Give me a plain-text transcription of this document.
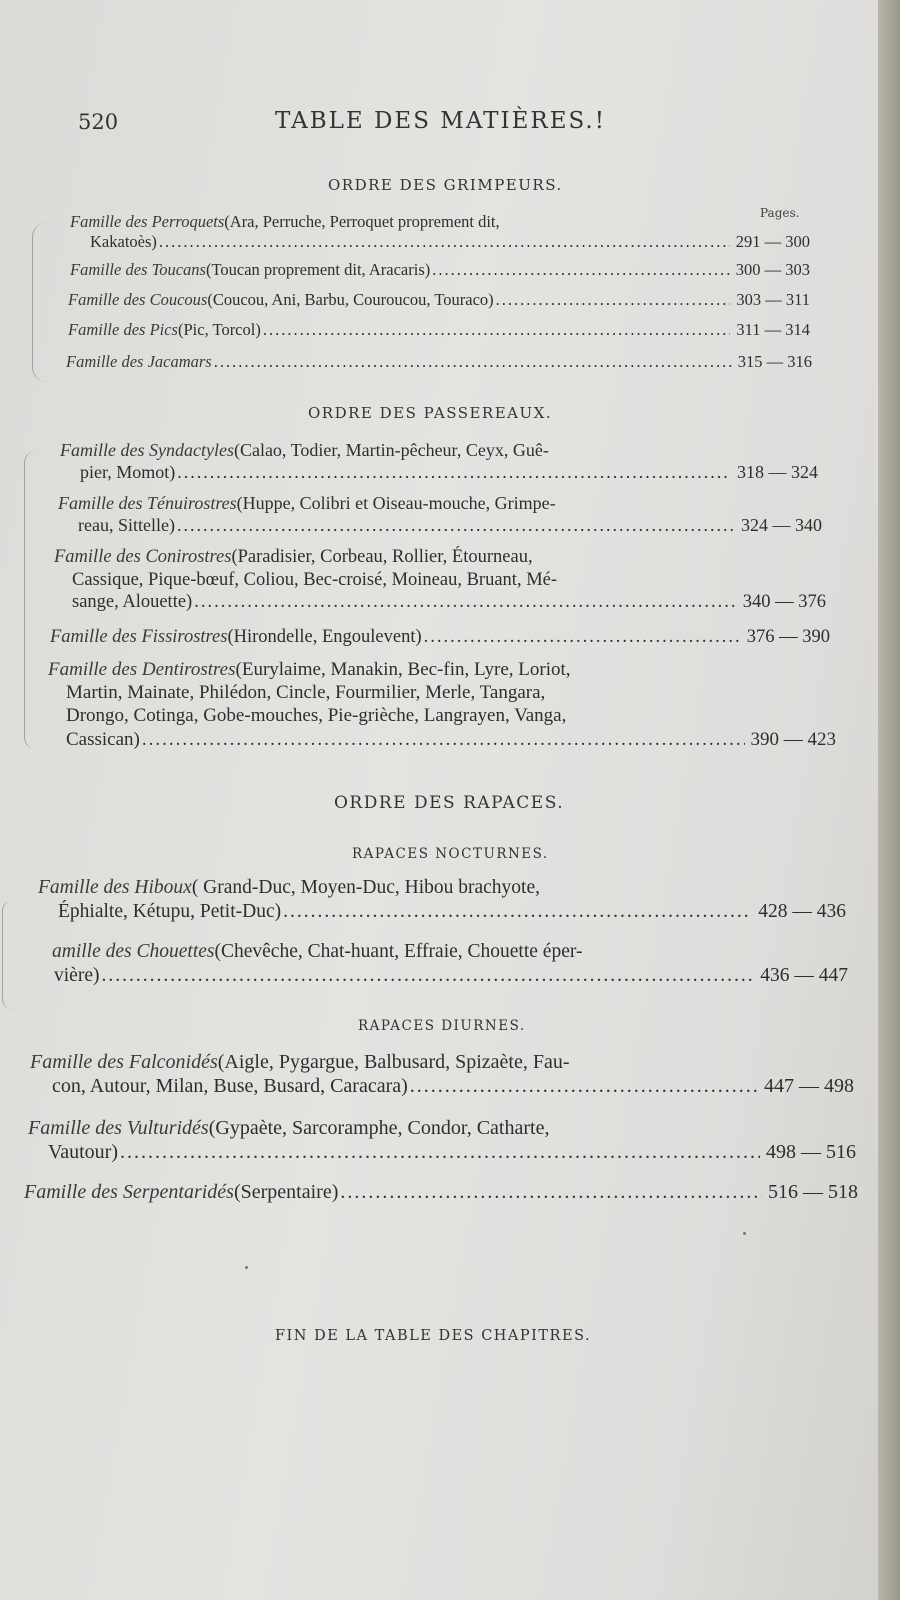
520	TABLE DES MATIÈRES.!
ORDRE DES GRIMPEURS.
Pages.
Famille des Perroquets (Ara, Perruche, Perroquet proprement dit,
Kakatoès) .....	291 — 300
Famille des Toucans (Toucan proprement dit, Aracaris) .....	300 — 303
Famille des Coucous (Coucou, Ani, Barbu, Couroucou, Touraco) .....	303 — 311
Famille des Pics (Pic, Torcol) .....	311 — 314
Famille des Jacamars .....	315 — 316
ORDRE DES PASSEREAUX.
Famille des Syndactyles (Calao, Todier, Martin-pêcheur, Ceyx, Guê-
pier, Momot) .....	318 — 324
Famille des Ténuirostres (Huppe, Colibri et Oiseau-mouche, Grimpe-
reau, Sittelle) .....	324 — 340
Famille des Conirostres (Paradisier, Corbeau, Rollier, Étourneau,
Cassique, Pique-bœuf, Coliou, Bec-croisé, Moineau, Bruant, Mé-
sange, Alouette) .....	340 — 376
Famille des Fissirostres (Hirondelle, Engoulevent) .....	376 — 390
Famille des Dentirostres (Eurylaime, Manakin, Bec-fin, Lyre, Loriot,
Martin, Mainate, Philédon, Cincle, Fourmilier, Merle, Tangara,
Drongo, Cotinga, Gobe-mouches, Pie-grièche, Langrayen, Vanga,
Cassican) .....	390 — 423
ORDRE DES RAPACES.
RAPACES NOCTURNES.
Famille des Hiboux ( Grand-Duc, Moyen-Duc, Hibou brachyote,
Éphialte, Kétupu, Petit-Duc) .....	428 — 436
amille des Chouettes (Chevêche, Chat-huant, Effraie, Chouette éper-
vière) .....	436 — 447
RAPACES DIURNES.
Famille des Falconidés (Aigle, Pygargue, Balbusard, Spizaète, Fau-
con, Autour, Milan, Buse, Busard, Caracara) .....	447 — 498
Famille des Vulturidés (Gypaète, Sarcoramphe, Condor, Catharte,
Vautour) .....	498 — 516
Famille des Serpentaridés (Serpentaire) .....	516 — 518
FIN DE LA TABLE DES CHAPITRES.
